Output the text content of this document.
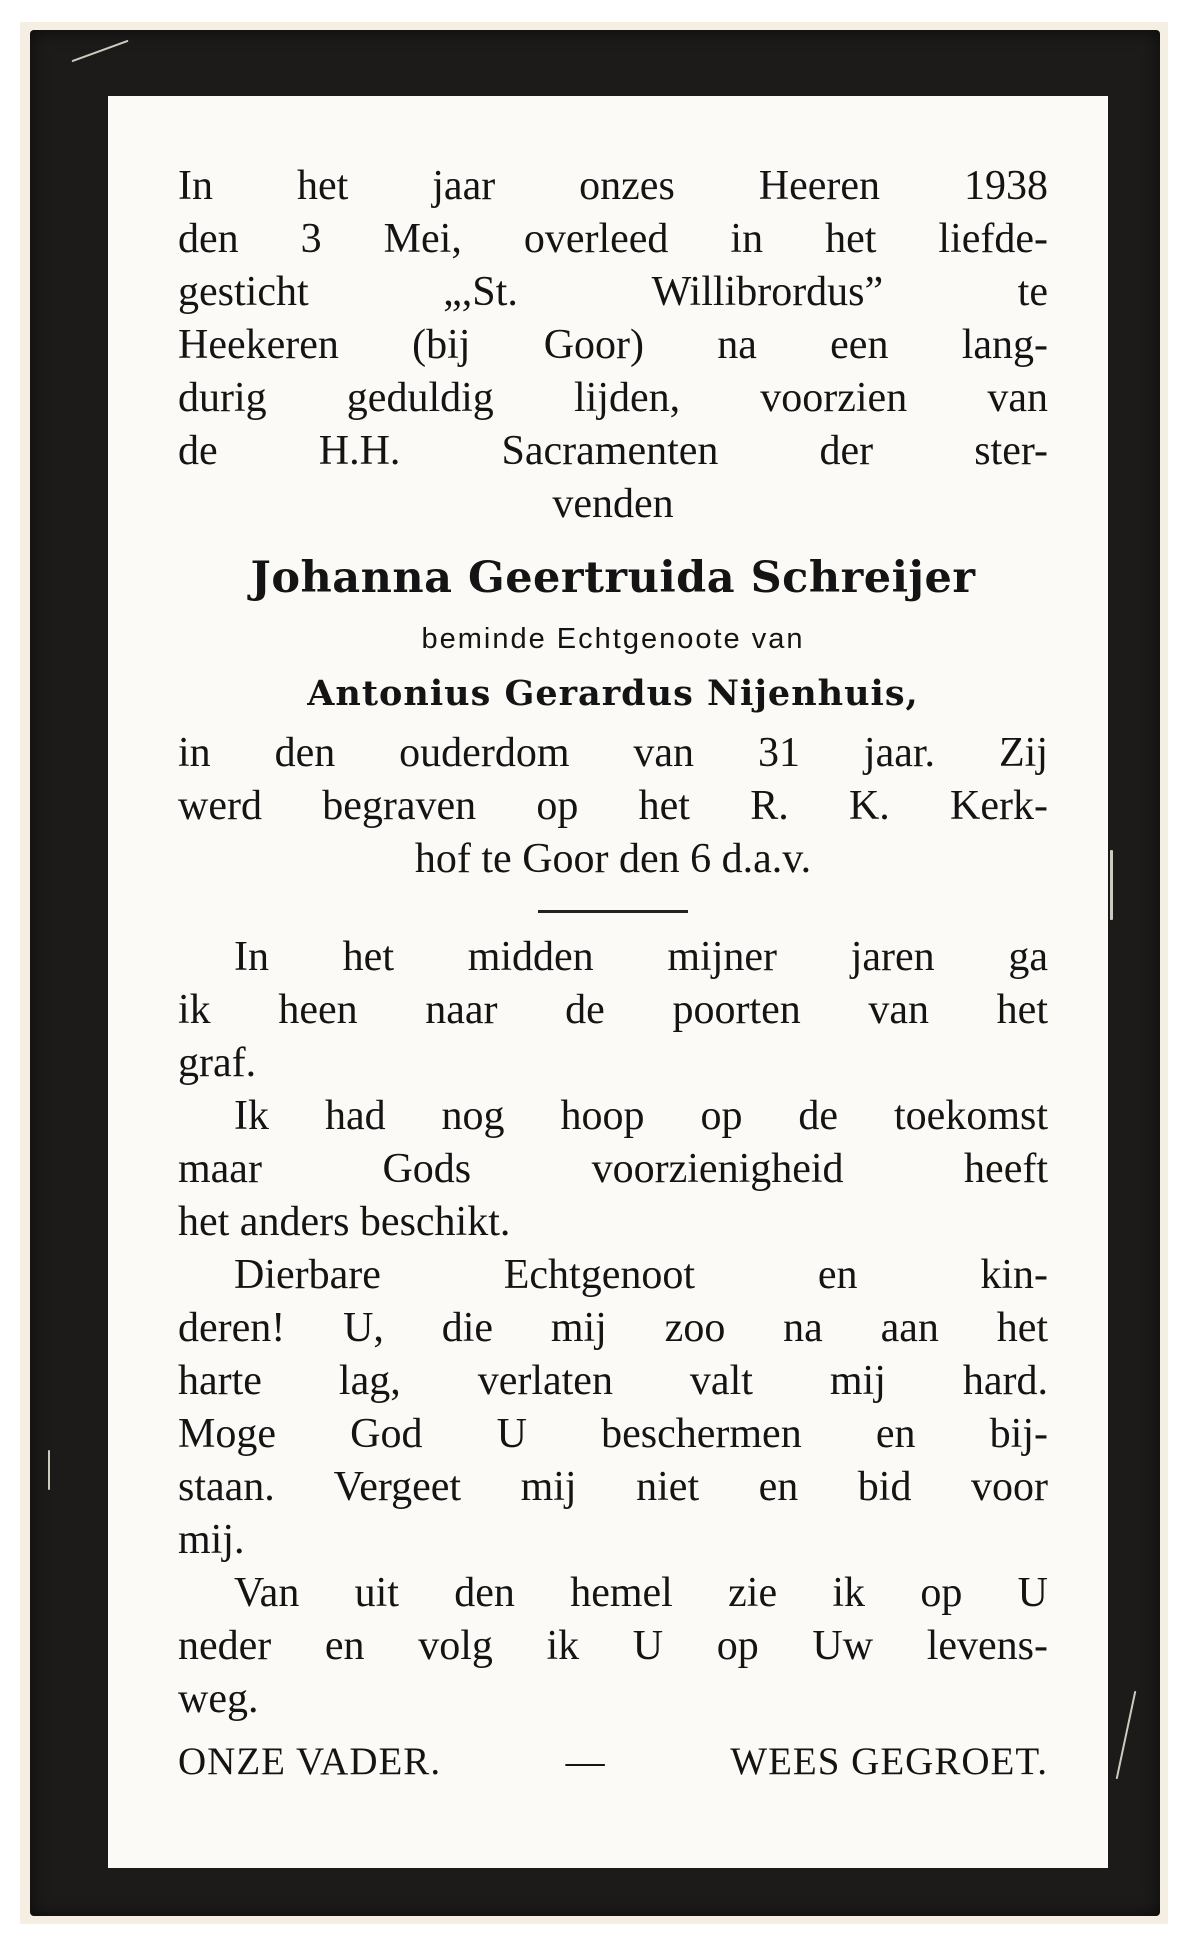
In het jaar onzes Heeren 1938
den 3 Mei, overleed in het liefde-
gesticht „,St. Willibrordus” te
Heekeren (bij Goor) na een lang-
durig geduldig lijden, voorzien van
de H.H. Sacramenten der ster-
venden
Johanna Geertruida Schreijer
beminde Echtgenoote van
Antonius Gerardus Nijenhuis,
in den ouderdom van 31 jaar. Zij
werd begraven op het R. K. Kerk-
hof te Goor den 6 d.a.v.
In het midden mijner jaren ga
ik heen naar de poorten van het
graf.
Ik had nog hoop op de toekomst
maar Gods voorzienigheid heeft
het anders beschikt.
Dierbare Echtgenoot en kin-
deren! U, die mij zoo na aan het
harte lag, verlaten valt mij hard.
Moge God U beschermen en bij-
staan. Vergeet mij niet en bid voor
mij.
Van uit den hemel zie ik op U
neder en volg ik U op Uw levens-
weg.
ONZE VADER.	—	WEES GEGROET.
